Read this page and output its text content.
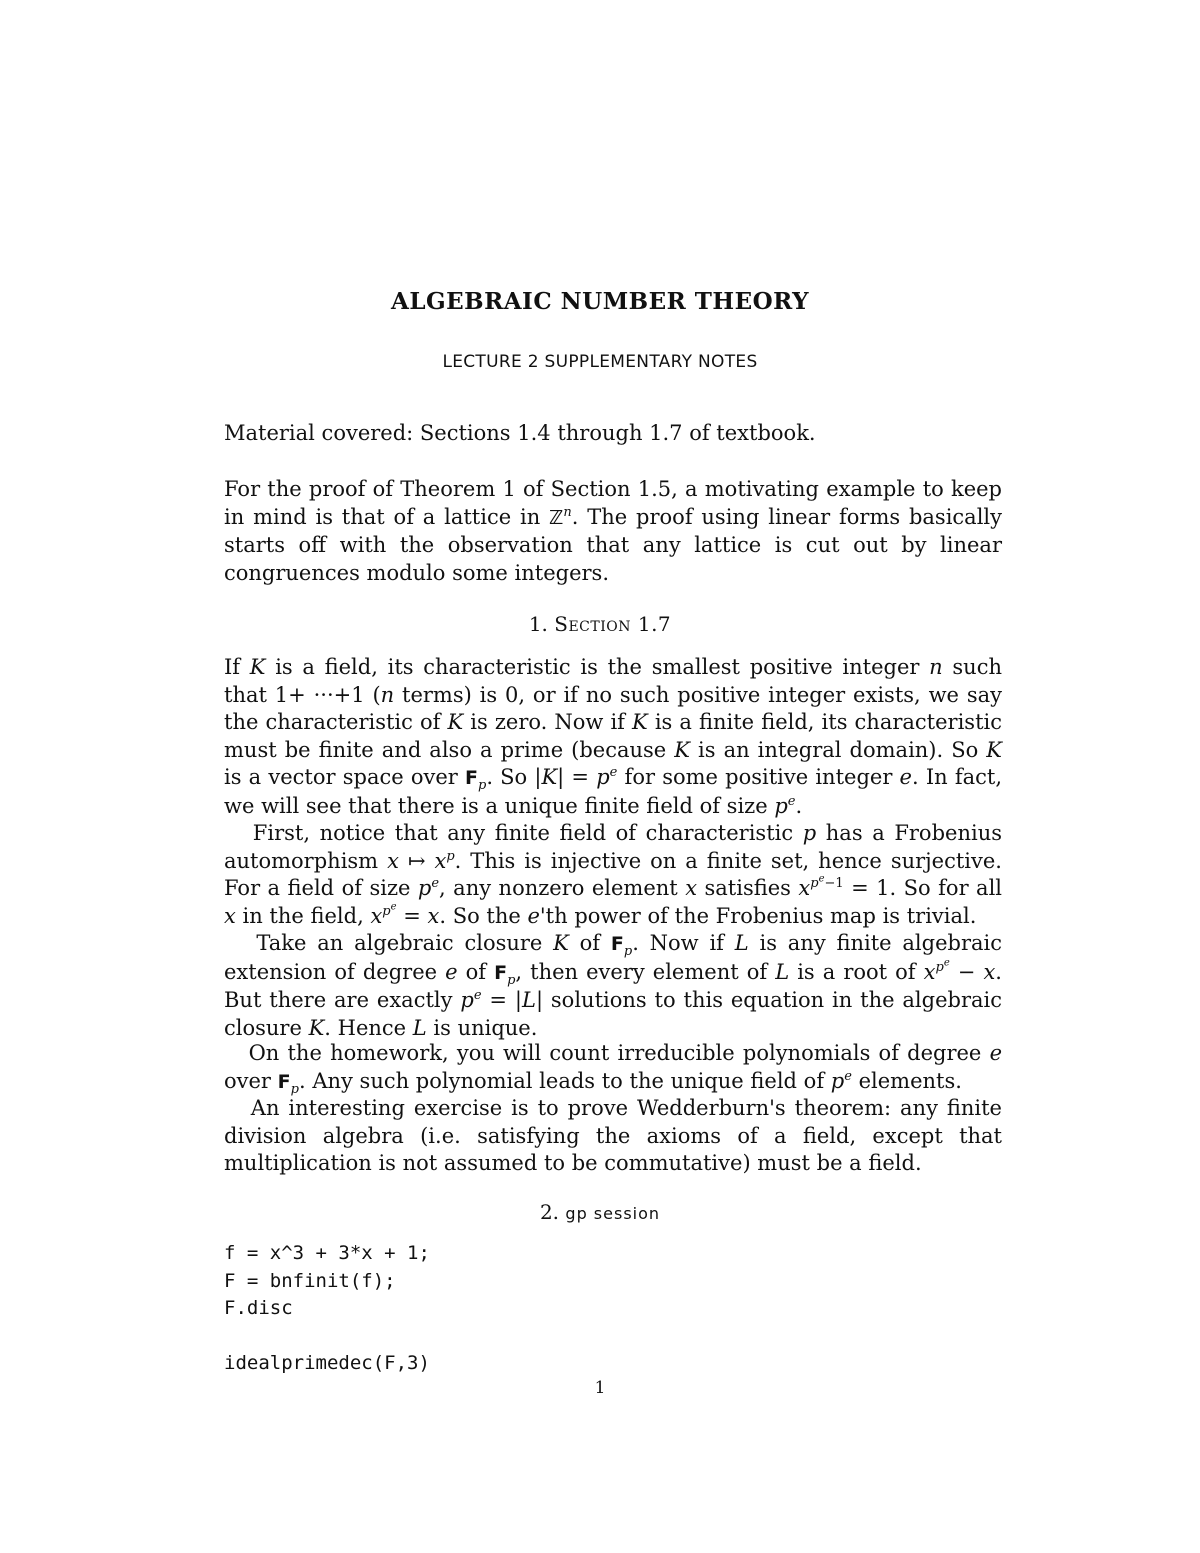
ALGEBRAIC NUMBER THEORY
LECTURE 2 SUPPLEMENTARY NOTES
Material covered: Sections 1.4 through 1.7 of textbook.
For the proof of Theorem 1 of Section 1.5, a motivating example to keep in mind is that of a lattice in ℤ$^n$. The proof using linear forms basically starts off with the observation that any lattice is cut out by linear congruences modulo some integers.
1. Section 1.7
If K is a field, its characteristic is the smallest positive integer n such that 1+ ···+1 (n terms) is 0, or if no such positive integer exists, we say the characteristic of K is zero. Now if K is a finite field, its characteristic must be finite and also a prime (because K is an integral domain). So K is a vector space over $F_p$. So $|K| = p^e$ for some positive integer e. In fact, we will see that there is a unique finite field of size $p^e$.
First, notice that any finite field of characteristic p has a Frobenius automorphism x ↦ $x^p$. This is injective on a finite set, hence surjective. For a field of size $p^e$, any nonzero element x satisfies $x^{p^e-1} = 1$. So for all x in the field, $x^{p^e} = x$. So the e'th power of the Frobenius map is trivial.
Take an algebraic closure K of $F_p$. Now if L is any finite algebraic extension of degree e of $F_p$, then every element of L is a root of $x^{p^e} - x$. But there are exactly $p^e = |L|$ solutions to this equation in the algebraic closure K. Hence L is unique.
On the homework, you will count irreducible polynomials of degree e over $F_p$. Any such polynomial leads to the unique field of $p^e$ elements.
An interesting exercise is to prove Wedderburn's theorem: any finite division algebra (i.e. satisfying the axioms of a field, except that multiplication is not assumed to be commutative) must be a field.
2. gp session
f = x^3 + 3*x + 1;
F = bnfinit(f);
F.disc

idealprimedec(F,3)
1
